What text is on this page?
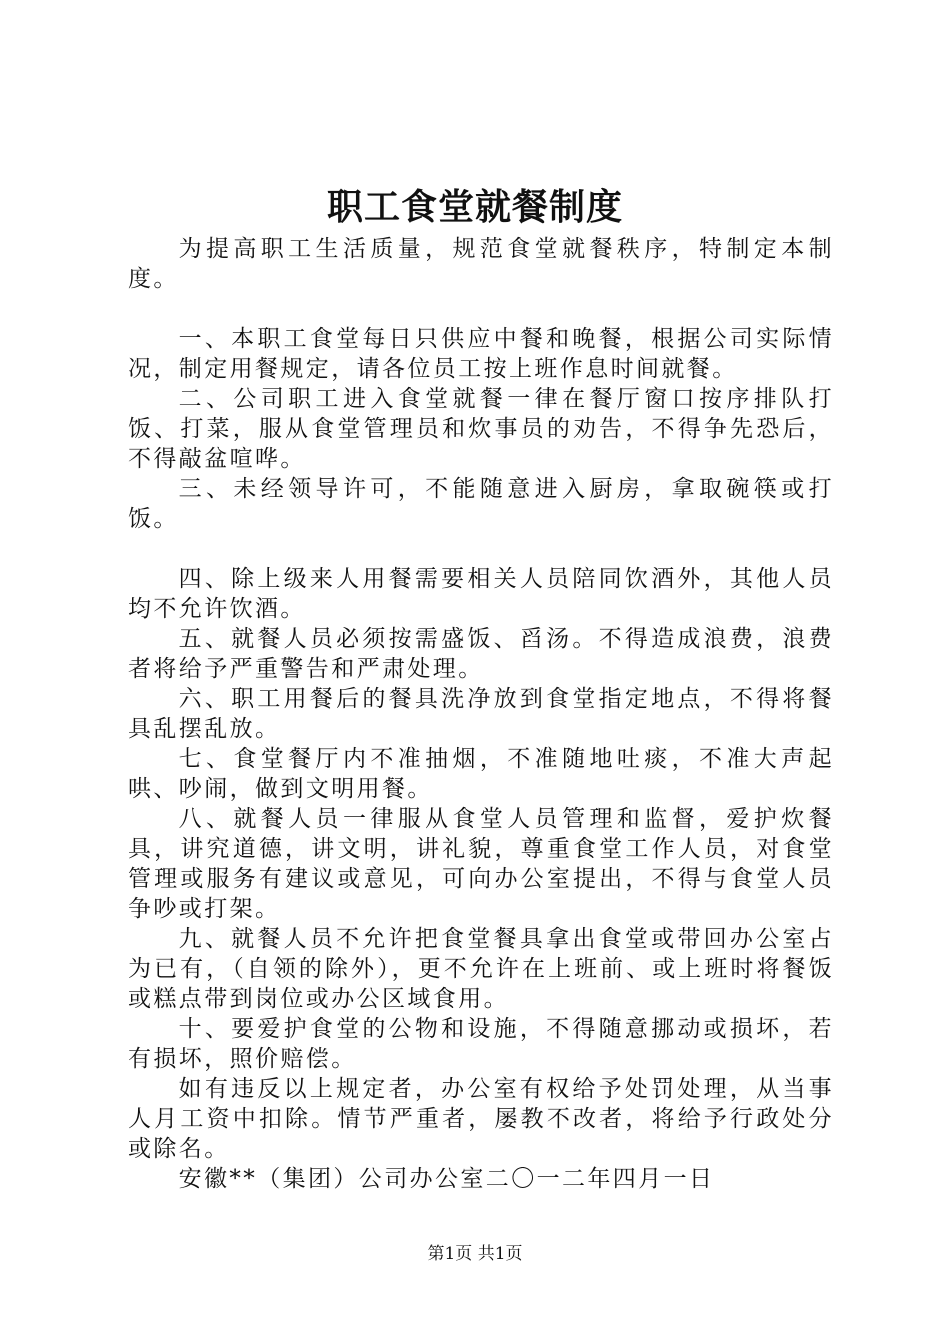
职工食堂就餐制度

为提高职工生活质量，规范食堂就餐秩序，特制定本制度。

一、本职工食堂每日只供应中餐和晚餐，根据公司实际情况，制定用餐规定，请各位员工按上班作息时间就餐。

二、公司职工进入食堂就餐一律在餐厅窗口按序排队打饭、打菜，服从食堂管理员和炊事员的劝告，不得争先恐后，不得敲盆喧哗。

三、未经领导许可，不能随意进入厨房，拿取碗筷或打饭。

四、除上级来人用餐需要相关人员陪同饮酒外，其他人员均不允许饮酒。

五、就餐人员必须按需盛饭、舀汤。不得造成浪费，浪费者将给予严重警告和严肃处理。

六、职工用餐后的餐具洗净放到食堂指定地点，不得将餐具乱摆乱放。

七、食堂餐厅内不准抽烟，不准随地吐痰，不准大声起哄、吵闹，做到文明用餐。

八、就餐人员一律服从食堂人员管理和监督，爱护炊餐具，讲究道德，讲文明，讲礼貌，尊重食堂工作人员，对食堂管理或服务有建议或意见，可向办公室提出，不得与食堂人员争吵或打架。

九、就餐人员不允许把食堂餐具拿出食堂或带回办公室占为已有，（自领的除外），更不允许在上班前、或上班时将餐饭或糕点带到岗位或办公区域食用。

十、要爱护食堂的公物和设施，不得随意挪动或损坏，若有损坏，照价赔偿。

如有违反以上规定者，办公室有权给予处罚处理，从当事人月工资中扣除。情节严重者，屡教不改者，将给予行政处分或除名。

安徽**（集团）公司办公室二〇一二年四月一日

第1页 共1页
